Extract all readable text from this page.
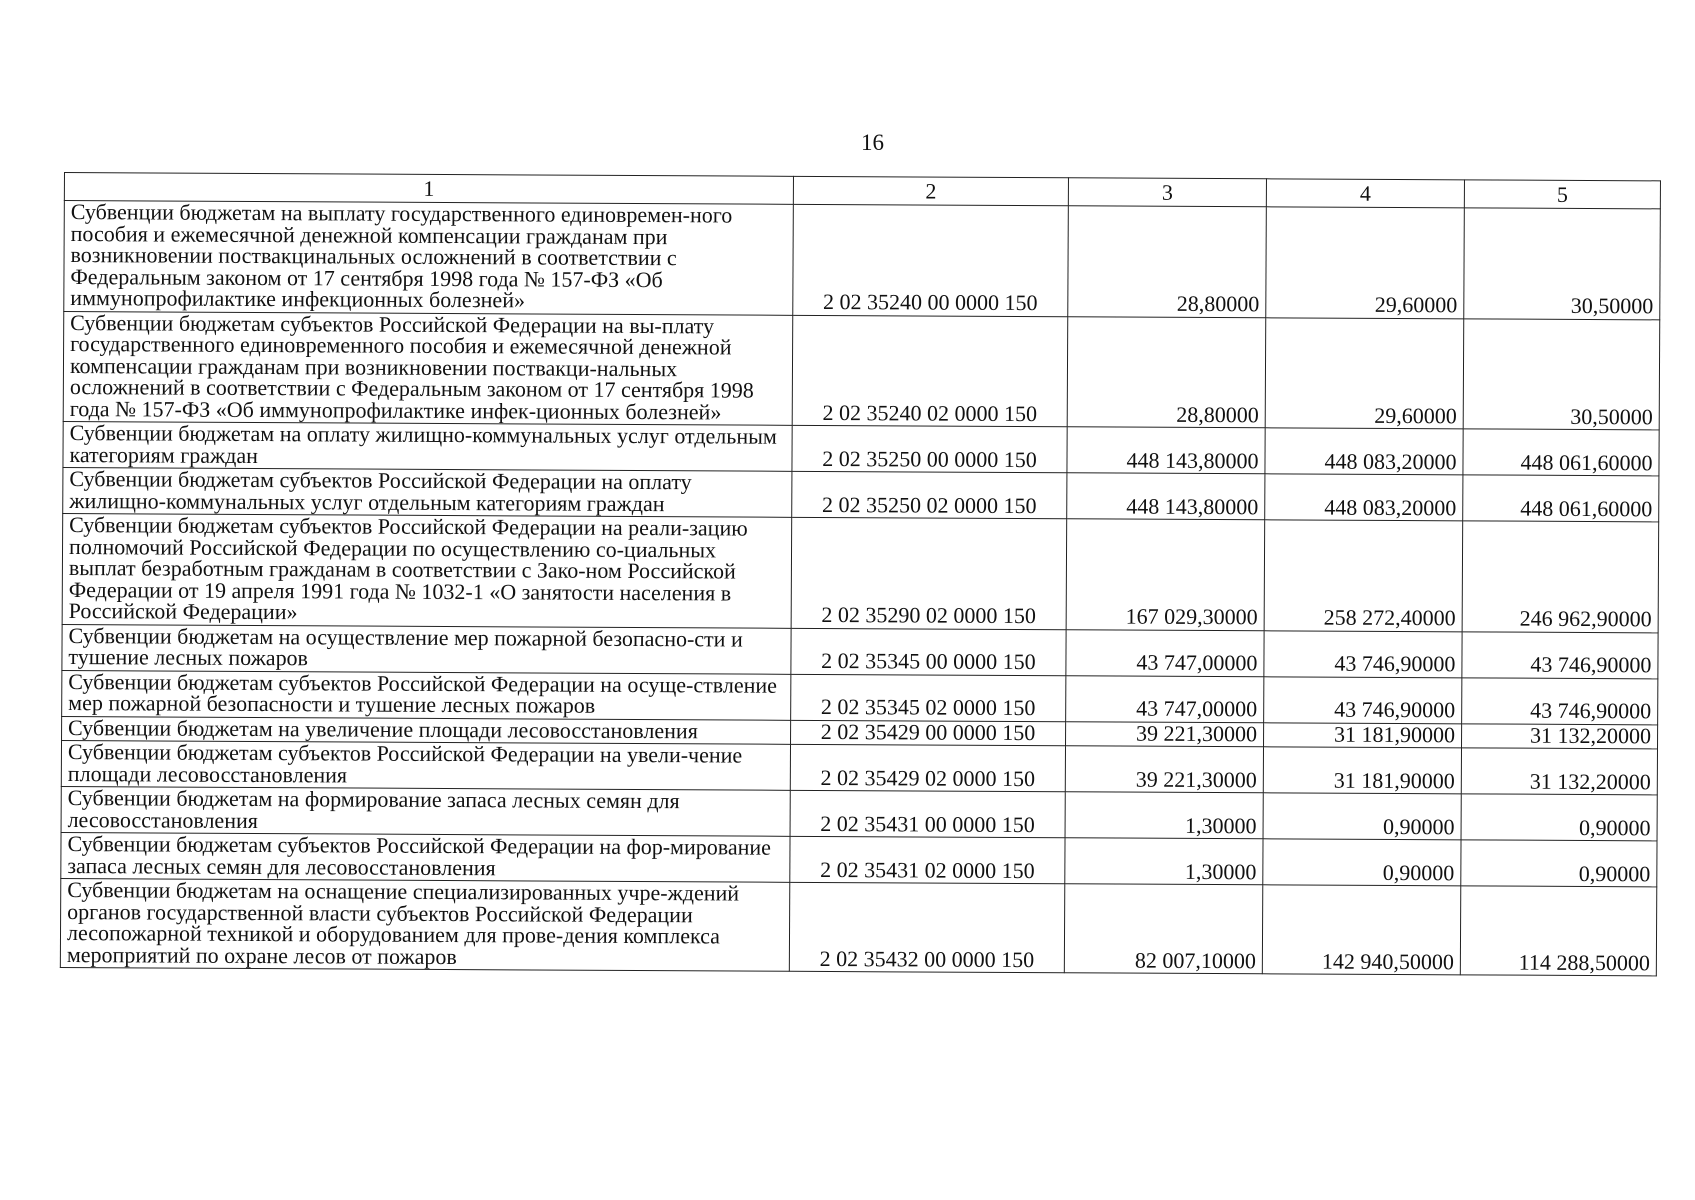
16
1	2	3	4	5
Субвенции бюджетам на выплату государственного единовремен-ного пособия и ежемесячной денежной компенсации гражданам при возникновении поствакцинальных осложнений в соответствии с Федеральным законом от 17 сентября 1998 года № 157-ФЗ «Об иммунопрофилактике инфекционных болезней»	2 02 35240 00 0000 150	28,80000	29,60000	30,50000
Субвенции бюджетам субъектов Российской Федерации на вы-плату государственного единовременного пособия и ежемесячной денежной компенсации гражданам при возникновении поствакци-нальных осложнений в соответствии с Федеральным законом от 17 сентября 1998 года № 157-ФЗ «Об иммунопрофилактике инфек-ционных болезней»	2 02 35240 02 0000 150	28,80000	29,60000	30,50000
Субвенции бюджетам на оплату жилищно-коммунальных услуг отдельным категориям граждан	2 02 35250 00 0000 150	448 143,80000	448 083,20000	448 061,60000
Субвенции бюджетам субъектов Российской Федерации на оплату жилищно-коммунальных услуг отдельным категориям граждан	2 02 35250 02 0000 150	448 143,80000	448 083,20000	448 061,60000
Субвенции бюджетам субъектов Российской Федерации на реали-зацию полномочий Российской Федерации по осуществлению со-циальных выплат безработным гражданам в соответствии с Зако-ном Российской Федерации от 19 апреля 1991 года № 1032-1 «О занятости населения в Российской Федерации»	2 02 35290 02 0000 150	167 029,30000	258 272,40000	246 962,90000
Субвенции бюджетам на осуществление мер пожарной безопасно-сти и тушение лесных пожаров	2 02 35345 00 0000 150	43 747,00000	43 746,90000	43 746,90000
Субвенции бюджетам субъектов Российской Федерации на осуще-ствление мер пожарной безопасности и тушение лесных пожаров	2 02 35345 02 0000 150	43 747,00000	43 746,90000	43 746,90000
Субвенции бюджетам на увеличение площади лесовосстановления	2 02 35429 00 0000 150	39 221,30000	31 181,90000	31 132,20000
Субвенции бюджетам субъектов Российской Федерации на увели-чение площади лесовосстановления	2 02 35429 02 0000 150	39 221,30000	31 181,90000	31 132,20000
Субвенции бюджетам на формирование запаса лесных семян для лесовосстановления	2 02 35431 00 0000 150	1,30000	0,90000	0,90000
Субвенции бюджетам субъектов Российской Федерации на фор-мирование запаса лесных семян для лесовосстановления	2 02 35431 02 0000 150	1,30000	0,90000	0,90000
Субвенции бюджетам на оснащение специализированных учре-ждений органов государственной власти субъектов Российской Федерации лесопожарной техникой и оборудованием для прове-дения комплекса мероприятий по охране лесов от пожаров	2 02 35432 00 0000 150	82 007,10000	142 940,50000	114 288,50000
